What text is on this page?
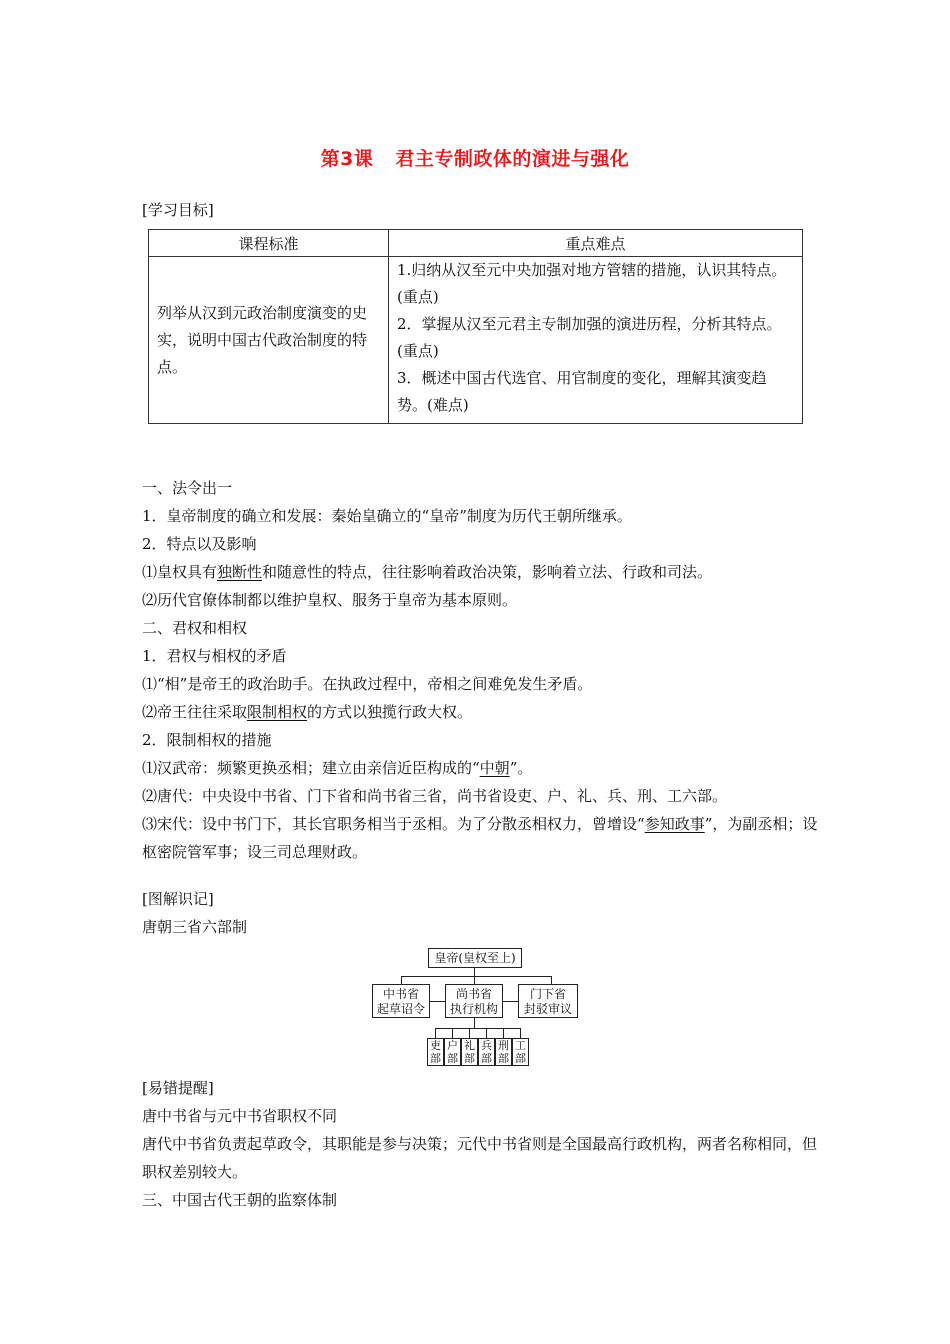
第3课 君主专制政体的演进与强化
[学习目标]
课程标准	重点难点
列举从汉到元政治制度演变的史实，说明中国古代政治制度的特点。	1.归纳从汉至元中央加强对地方管辖的措施，认识其特点。(重点)
2．掌握从汉至元君主专制加强的演进历程，分析其特点。(重点)
3．概述中国古代选官、用官制度的变化，理解其演变趋势。(难点)

一、法令出一

1．皇帝制度的确立和发展：秦始皇确立的“皇帝”制度为历代王朝所继承。

2．特点以及影响

⑴皇权具有独断性和随意性的特点，往往影响着政治决策，影响着立法、行政和司法。

⑵历代官僚体制都以维护皇权、服务于皇帝为基本原则。

二、君权和相权

1．君权与相权的矛盾

⑴“相”是帝王的政治助手。在执政过程中，帝相之间难免发生矛盾。

⑵帝王往往采取限制相权的方式以独揽行政大权。

2．限制相权的措施

⑴汉武帝：频繁更换丞相；建立由亲信近臣构成的“中朝”。

⑵唐代：中央设中书省、门下省和尚书省三省，尚书省设吏、户、礼、兵、刑、工六部。

⑶宋代：设中书门下，其长官职务相当于丞相。为了分散丞相权力，曾增设“参知政事”，为副丞相；设枢密院管军事；设三司总理财政。

[图解识记]
唐朝三省六部制
皇帝(皇权至上)
中书省
起草诏令
尚书省
执行机构
门下省
封驳审议
吏
部
户
部
礼
部
兵
部
刑
部
工
部

[易错提醒]

唐中书省与元中书省职权不同

唐代中书省负责起草政令，其职能是参与决策；元代中书省则是全国最高行政机构，两者名称相同，但职权差别较大。

三、中国古代王朝的监察体制
